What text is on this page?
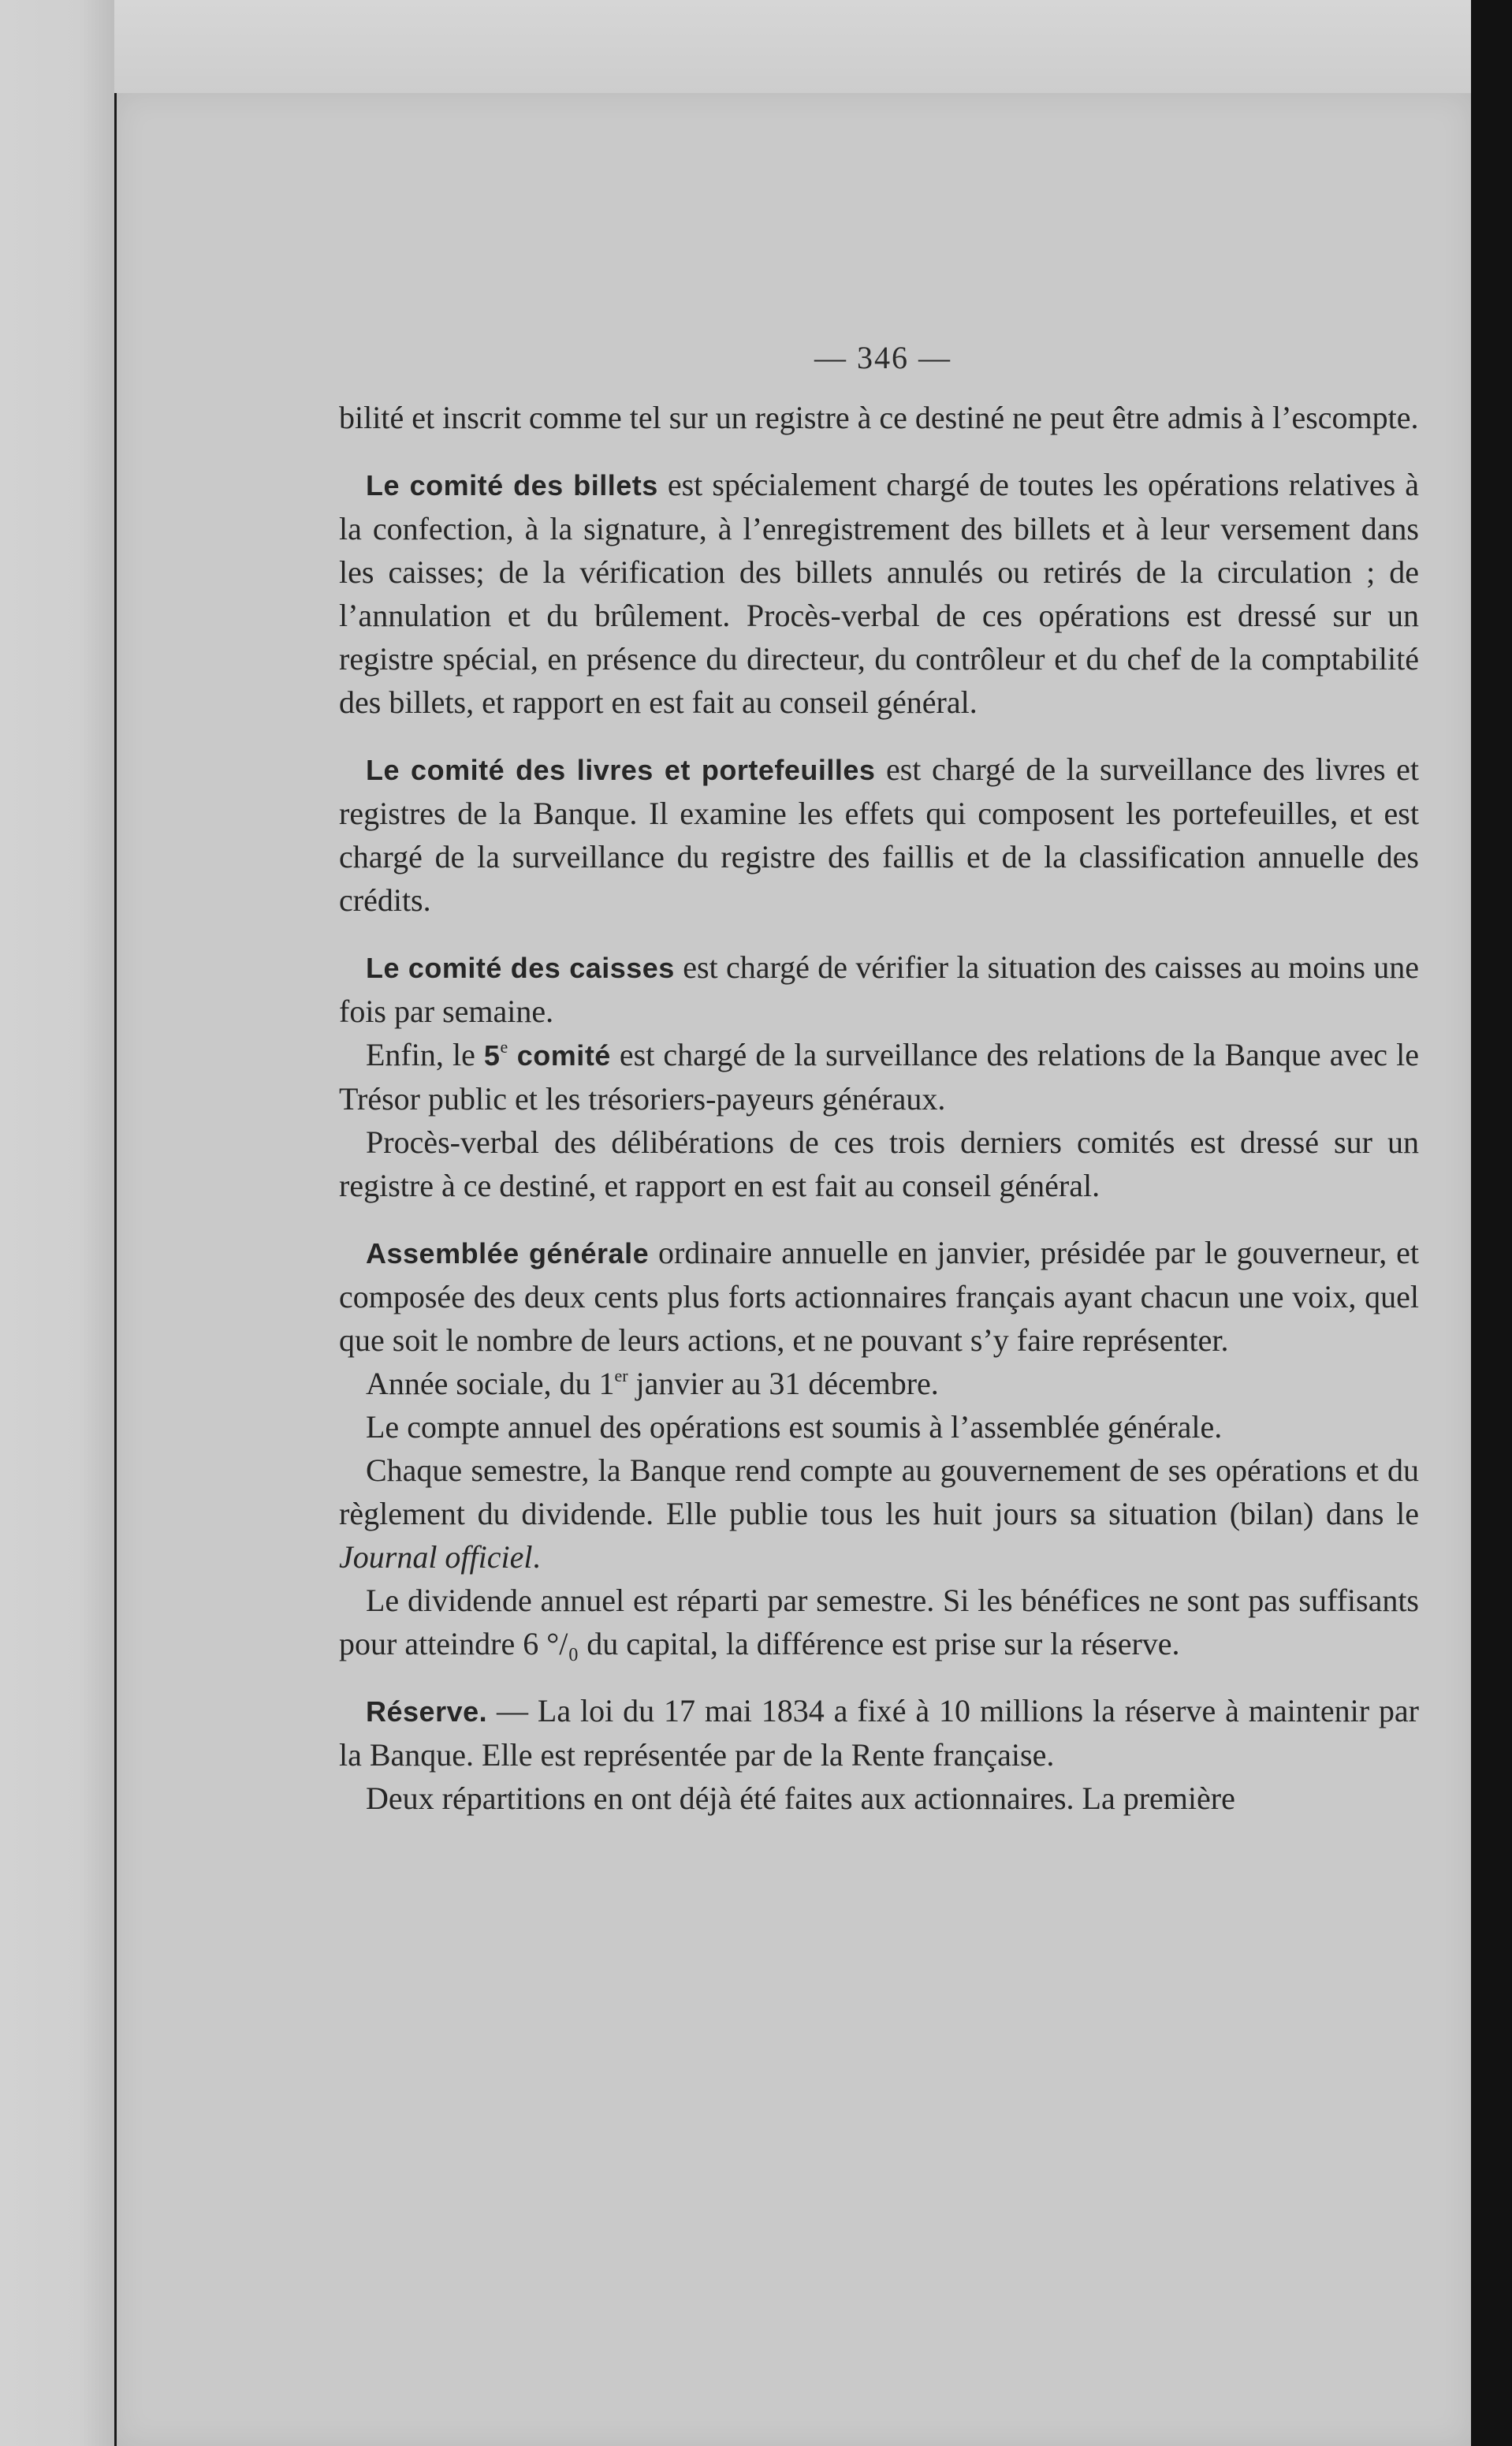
— 346 —

bilité et inscrit comme tel sur un registre à ce destiné ne peut être admis à l’escompte.

Le comité des billets est spécialement chargé de toutes les opérations relatives à la confection, à la signature, à l’enregistrement des billets et à leur versement dans les caisses; de la vérification des billets annulés ou retirés de la circulation ; de l’annulation et du brûlement. Procès-verbal de ces opérations est dressé sur un registre spécial, en présence du directeur, du contrôleur et du chef de la comptabilité des billets, et rapport en est fait au conseil général.

Le comité des livres et portefeuilles est chargé de la surveillance des livres et registres de la Banque. Il examine les effets qui composent les portefeuilles, et est chargé de la surveillance du registre des faillis et de la classification annuelle des crédits.

Le comité des caisses est chargé de vérifier la situation des caisses au moins une fois par semaine.

Enfin, le 5e comité est chargé de la surveillance des relations de la Banque avec le Trésor public et les trésoriers-payeurs généraux.

Procès-verbal des délibérations de ces trois derniers comités est dressé sur un registre à ce destiné, et rapport en est fait au conseil général.

Assemblée générale ordinaire annuelle en janvier, présidée par le gouverneur, et composée des deux cents plus forts actionnaires français ayant chacun une voix, quel que soit le nombre de leurs actions, et ne pouvant s’y faire représenter.

Année sociale, du 1er janvier au 31 décembre.

Le compte annuel des opérations est soumis à l’assemblée générale.

Chaque semestre, la Banque rend compte au gouvernement de ses opérations et du règlement du dividende. Elle publie tous les huit jours sa situation (bilan) dans le Journal officiel.

Le dividende annuel est réparti par semestre. Si les bénéfices ne sont pas suffisants pour atteindre 6 °/₀ du capital, la différence est prise sur la réserve.

Réserve. — La loi du 17 mai 1834 a fixé à 10 millions la réserve à maintenir par la Banque. Elle est représentée par de la Rente française.

Deux répartitions en ont déjà été faites aux actionnaires. La première
